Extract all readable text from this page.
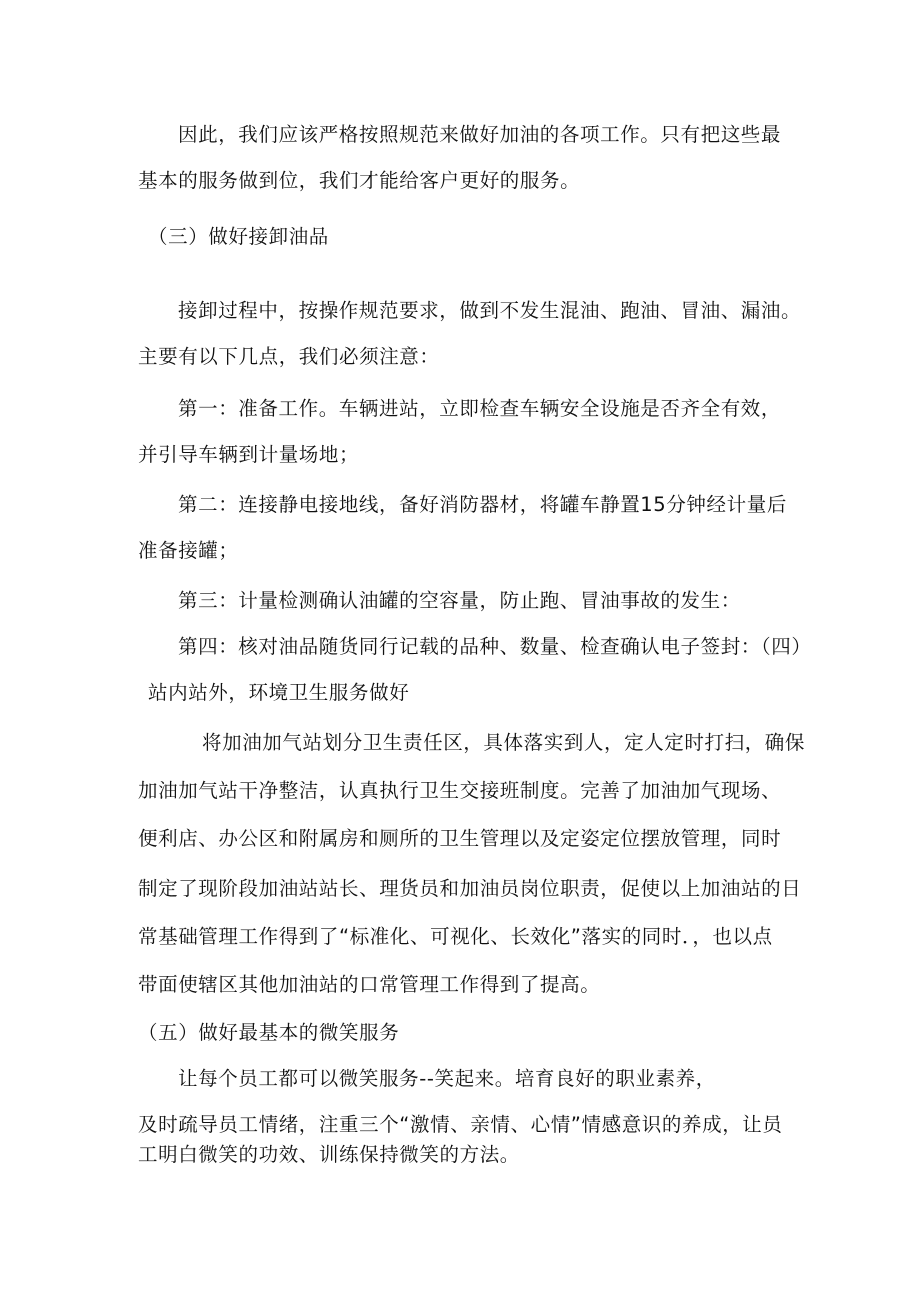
因此，我们应该严格按照规范来做好加油的各项工作。只有把这些最
基本的服务做到位，我们才能给客户更好的服务。
（三）做好接卸油品
接卸过程中，按操作规范要求，做到不发生混油、跑油、冒油、漏油。
主要有以下几点，我们必须注意：
第一：准备工作。车辆进站，立即检查车辆安全设施是否齐全有效，
并引导车辆到计量场地；
第二：连接静电接地线，备好消防器材，将罐车静置15分钟经计量后
准备接罐；
第三：计量检测确认油罐的空容量，防止跑、冒油事故的发生：
第四：核对油品随货同行记载的品种、数量、检查确认电子签封：（四）
站内站外，环境卫生服务做好
将加油加气站划分卫生责任区，具体落实到人，定人定时打扫，确保
加油加气站干净整洁，认真执行卫生交接班制度。完善了加油加气现场、
便利店、办公区和附属房和厕所的卫生管理以及定姿定位摆放管理，同时
制定了现阶段加油站站长、理货员和加油员岗位职责，促使以上加油站的日
常基础管理工作得到了“标准化、可视化、长效化”落实的同时．，也以点
带面使辖区其他加油站的口常管理工作得到了提高。
（五）做好最基本的微笑服务
让每个员工都可以微笑服务--笑起来。培育良好的职业素养，
及时疏导员工情绪，注重三个“激情、亲情、心情”情感意识的养成，让员
工明白微笑的功效、训练保持微笑的方法。
